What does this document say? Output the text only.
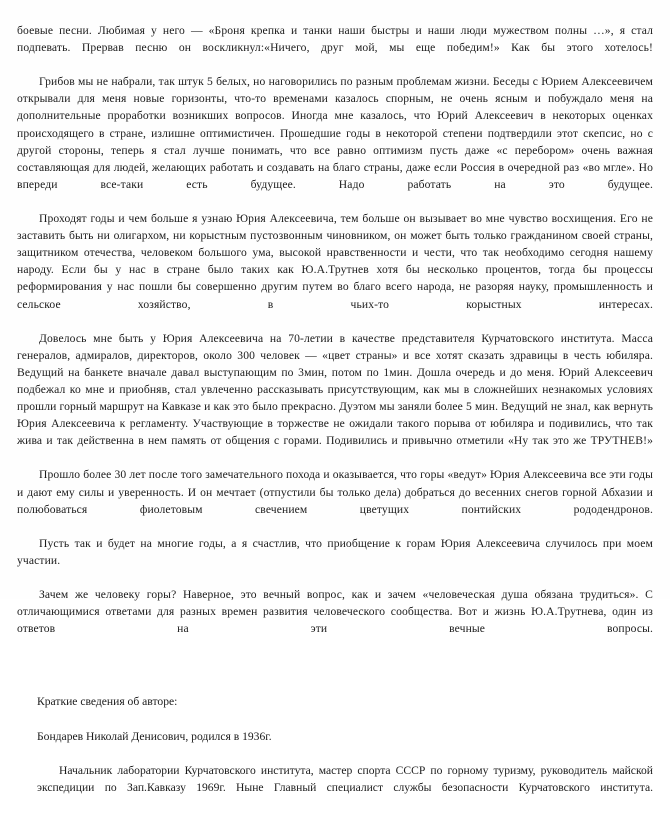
боевые песни. Любимая у него — «Броня крепка и танки наши быстры и наши люди мужеством полны …», я стал подпевать. Прервав песню он воскликнул:«Ничего, друг мой, мы еще победим!» Как бы этого хотелось!

Грибов мы не набрали, так штук 5 белых, но наговорились по разным проблемам жизни. Беседы с Юрием Алексеевичем открывали для меня новые горизонты, что-то временами казалось спорным, не очень ясным и побуждало меня на дополнительные проработки возникших вопросов. Иногда мне казалось, что Юрий Алексеевич в некоторых оценках происходящего в стране, излишне оптимистичен. Прошедшие годы в некоторой степени подтвердили этот скепсис, но с другой стороны, теперь я стал лучше понимать, что все равно оптимизм пусть даже «с перебором» очень важная составляющая для людей, желающих работать и создавать на благо страны, даже если Россия в очередной раз «во мгле». Но впереди все-таки есть будущее. Надо работать на это будущее.

Проходят годы и чем больше я узнаю Юрия Алексеевича, тем больше он вызывает во мне чувство восхищения. Его не заставить быть ни олигархом, ни корыстным пустозвонным чиновником, он может быть только гражданином своей страны, защитником отечества, человеком большого ума, высокой нравственности и чести, что так необходимо сегодня нашему народу. Если бы у нас в стране было таких как Ю.А.Трутнев хотя бы несколько процентов, тогда бы процессы реформирования у нас пошли бы совершенно другим путем во благо всего народа, не разоряя науку, промышленность и сельское хозяйство, в чьих-то корыстных интересах.

Довелось мне быть у Юрия Алексеевича на 70-летии в качестве представителя Курчатовского института. Масса генералов, адмиралов, директоров, около 300 человек — «цвет страны» и все хотят сказать здравицы в честь юбиляра. Ведущий на банкете вначале давал выступающим по 3мин, потом по 1мин. Дошла очередь и до меня. Юрий Алексеевич подбежал ко мне и приобняв, стал увлеченно рассказывать присутствующим, как мы в сложнейших незнакомых условиях прошли горный маршрут на Кавказе и как это было прекрасно. Дуэтом мы заняли более 5 мин. Ведущий не знал, как вернуть Юрия Алексеевича к регламенту. Участвующие в торжестве не ожидали такого порыва от юбиляра и подивились, что так жива и так действенна в нем память от общения с горами. Подивились и привычно отметили «Ну так это же ТРУТНЕВ!»

Прошло более 30 лет после того замечательного похода и оказывается, что горы «ведут» Юрия Алексеевича все эти годы и дают ему силы и уверенность. И он мечтает (отпустили бы только дела) добраться до весенних снегов горной Абхазии и полюбоваться фиолетовым свечением цветущих понтийских рододендронов.

Пусть так и будет на многие годы, а я счастлив, что приобщение к горам Юрия Алексеевича случилось при моем участии.

Зачем же человеку горы? Наверное, это вечный вопрос, как и зачем «человеческая душа обязана трудиться». С отличающимися ответами для разных времен развития человеческого сообщества. Вот и жизнь Ю.А.Трутнева, один из ответов на эти вечные вопросы.

Краткие сведения об авторе:

Бондарев Николай Денисович, родился в 1936г.

Начальник лаборатории Курчатовского института, мастер спорта СССР по горному туризму, руководитель майской экспедиции по Зап.Кавказу 1969г. Ныне Главный специалист службы безопасности Курчатовского института.
